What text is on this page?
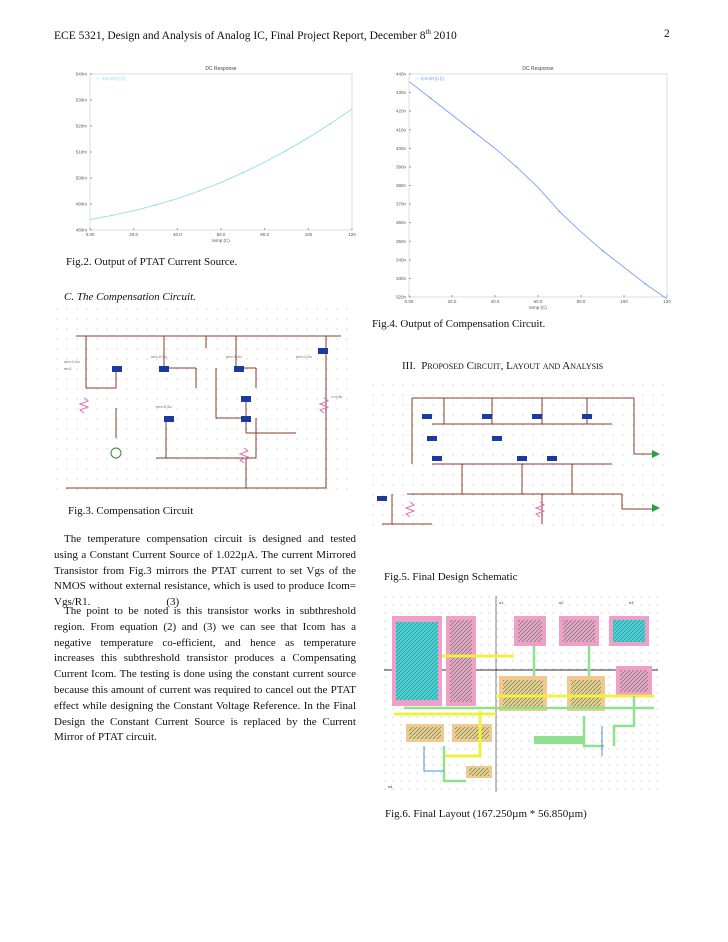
ECE 5321, Design and Analysis of Analog IC, Final Project Report, December 8th 2010	2
DC Response
— I(nm)R(t) [I]
480m
490m
500m
510m
520m
530m
540m
0.00	20.0	40.0	60.0	80.0	100	120
temp (C)
Fig.2. Output of PTAT Current Source.
DC Response
— I(nm)R(t) [I]
320n
330n
340n
350n
360n
370n
380n
390n
400n
410n
420n
430n
440n
0.00	20.0	40.0	60.0	80.0	100	120
temp (C)
Fig.4. Output of Compensation Circuit.
C. The Compensation Circuit.
nm=1.0u
m=1
nm=2.0u	nm=1.5u	nm=1.0u
r=4.0k
nm=0.5u
Fig.3. Compensation Circuit
The temperature compensation circuit is designed and tested using a Constant Current Source of 1.022µA. The current Mirrored Transistor from Fig.3 mirrors the PTAT current to set Vgs of the NMOS without external resistance, which is used to produce Icom= Vgs/R1.	(3)
The point to be noted is this transistor works in subthreshold region. From equation (2) and (3) we can see that Icom has a negative temperature co-efficient, and hence as temperature increases this subthreshold transistor produces a Compensating Current Icom. The testing is done using the constant current source because this amount of current was required to cancel out the PTAT effect while designing the Constant Voltage Reference. In the Final Design the Constant Current Source is replaced by the Current Mirror of PTAT circuit.
III. Proposed Circuit, Layout and Analysis
Fig.5. Final Design Schematic
n1	n2	n3
n4
Fig.6. Final Layout (167.250µm * 56.850µm)
